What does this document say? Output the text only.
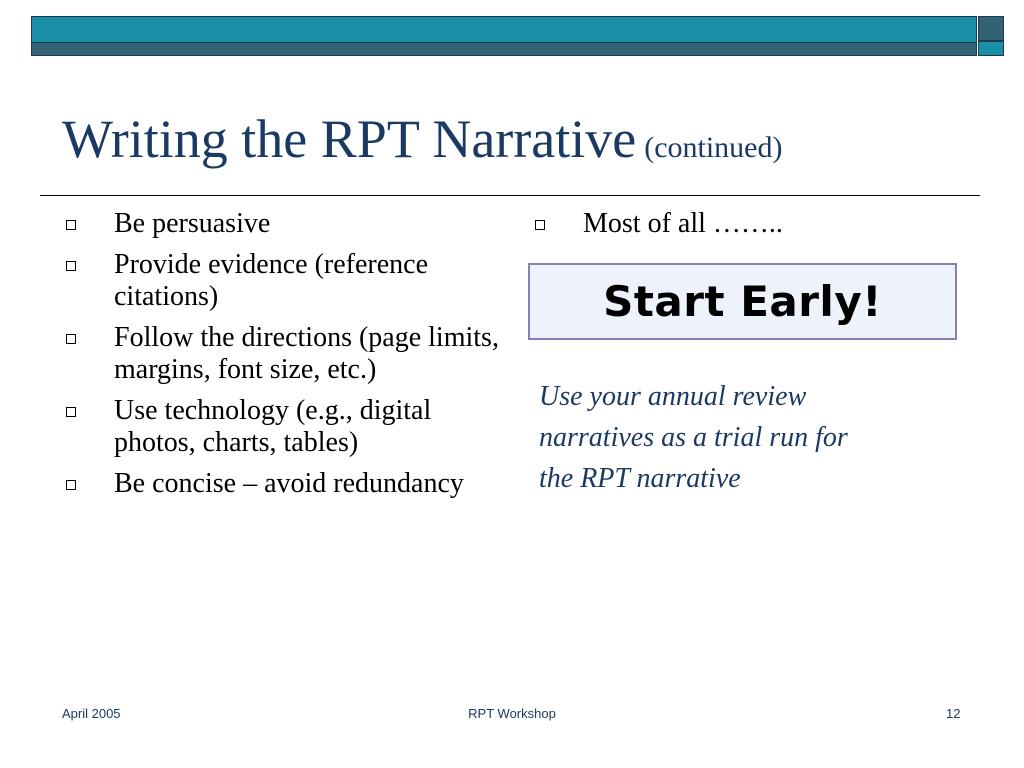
Writing the RPT Narrative (continued)
Be persuasive
Provide evidence (reference citations)
Follow the directions (page limits, margins, font size, etc.)
Use technology (e.g., digital photos, charts, tables)
Be concise – avoid redundancy
Most of all ……..
Start Early!
Use your annual review
narratives as a trial run for
the RPT narrative
April 2005	RPT Workshop	12
